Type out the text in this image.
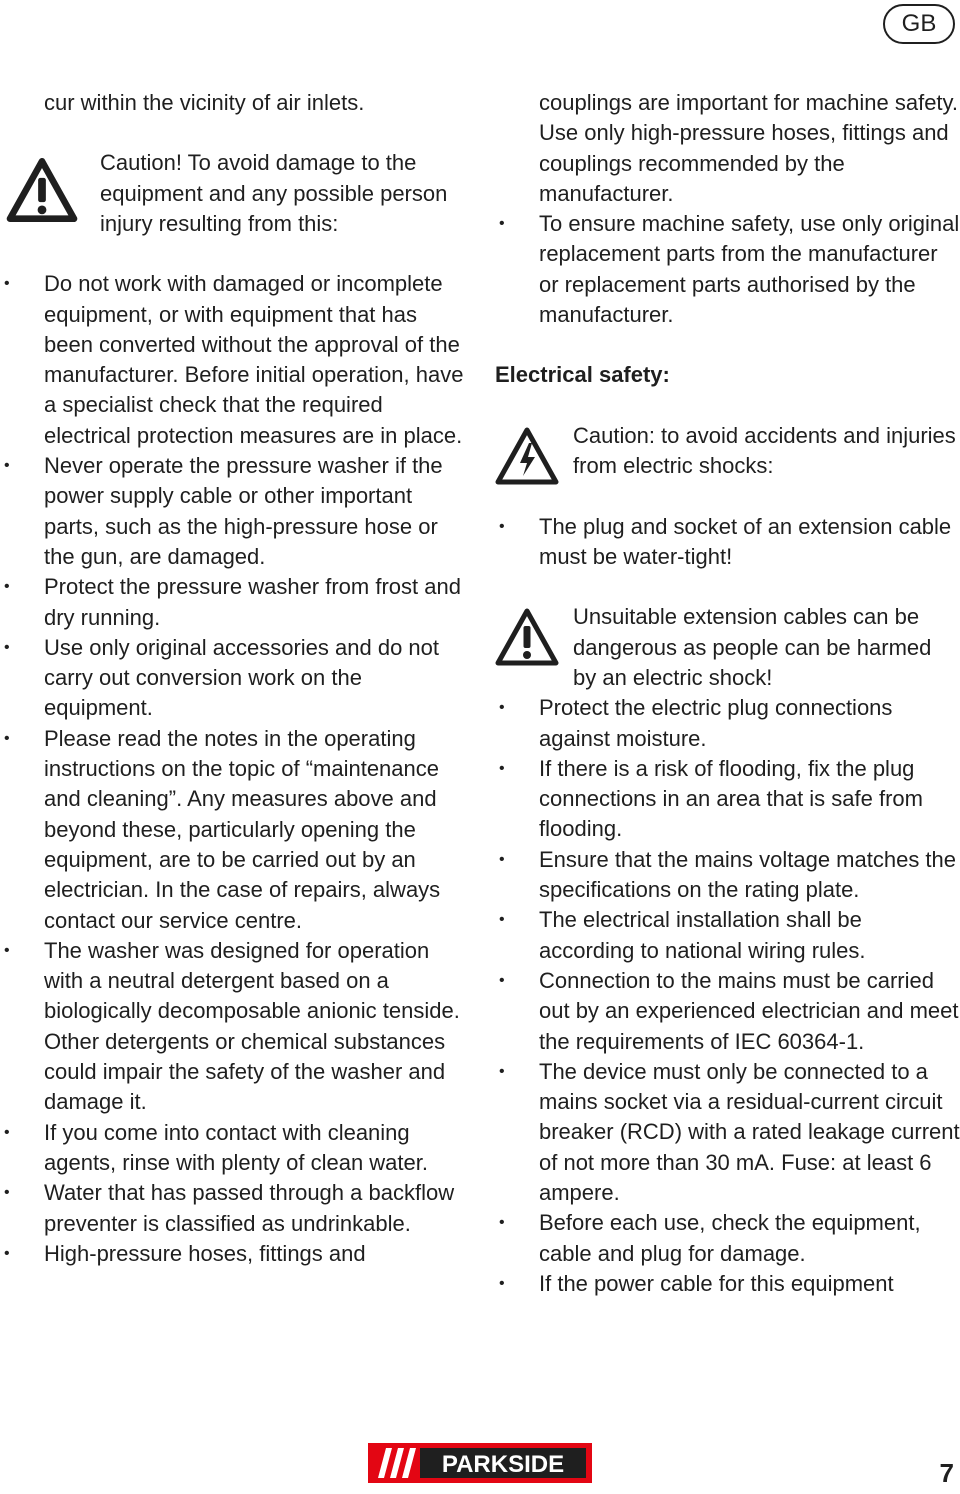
GB

cur within the vicinity of air inlets.

Caution! To avoid damage to the equipment and any possible person injury resulting from this:

• Do not work with damaged or incomplete equipment, or with equipment that has been converted without the approval of the manufacturer. Before initial operation, have a specialist check that the required electrical protection measures are in place.
• Never operate the pressure washer if the power supply cable or other important parts, such as the high-pressure hose or the gun, are damaged.
• Protect the pressure washer from frost and dry running.
• Use only original accessories and do not carry out conversion work on the equipment.
• Please read the notes in the operating instructions on the topic of “maintenance and cleaning”. Any measures above and beyond these, particularly opening the equipment, are to be carried out by an electrician. In the case of repairs, always contact our service centre.
• The washer was designed for operation with a neutral detergent based on a biologically decomposable anionic tenside. Other detergents or chemical substances could impair the safety of the washer and damage it.
• If you come into contact with cleaning agents, rinse with plenty of clean water.
• Water that has passed through a backflow preventer is classified as undrinkable.
• High-pressure hoses, fittings and

couplings are important for machine safety. Use only high-pressure hoses, fittings and couplings recommended by the manufacturer.

• To ensure machine safety, use only original replacement parts from the manufacturer or replacement parts authorised by the manufacturer.

Electrical safety:

Caution: to avoid accidents and injuries from electric shocks:

• The plug and socket of an extension cable must be water-tight!

Unsuitable extension cables can be dangerous as people can be harmed by an electric shock!

• Protect the electric plug connections against moisture.
• If there is a risk of flooding, fix the plug connections in an area that is safe from flooding.
• Ensure that the mains voltage matches the specifications on the rating plate.
• The electrical installation shall be according to national wiring rules.
• Connection to the mains must be carried out by an experienced electrician and meet the requirements of IEC 60364-1.
• The device must only be connected to a mains socket via a residual-current circuit breaker (RCD) with a rated leakage current of not more than 30 mA. Fuse: at least 6 ampere.
• Before each use, check the equipment, cable and plug for damage.
• If the power cable for this equipment
PARKSIDE	7
